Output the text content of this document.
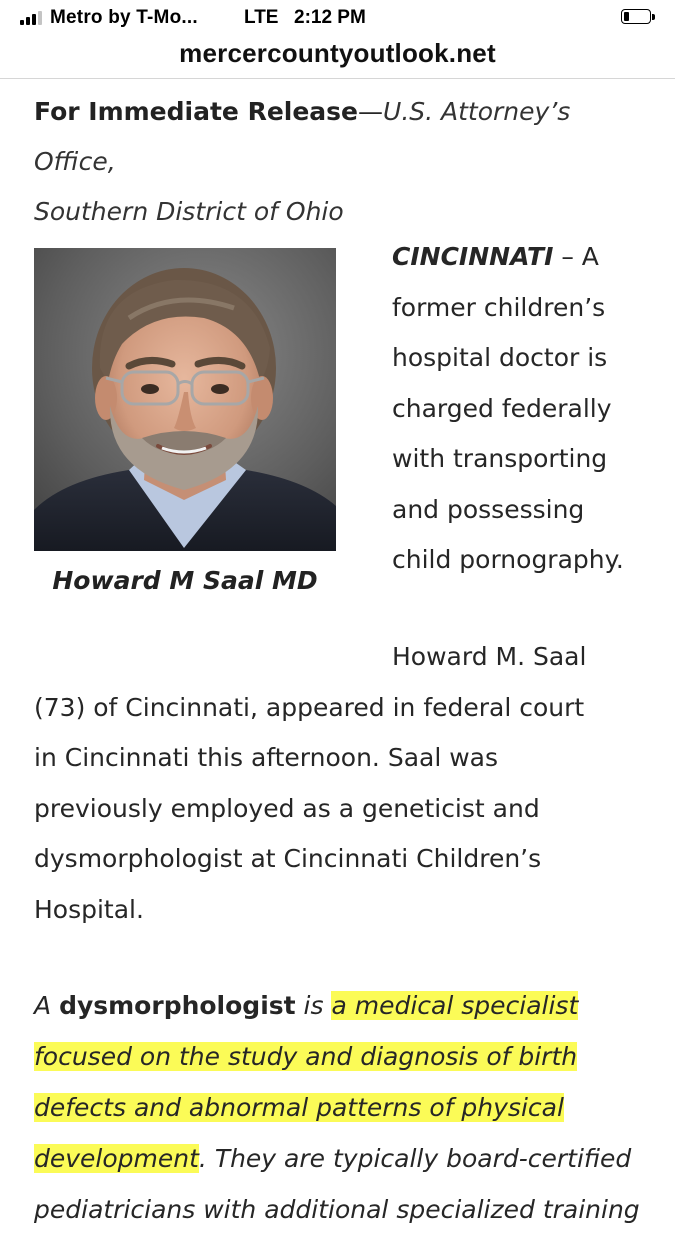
Metro by T-Mo... LTE 2:12 PM
mercercountyoutlook.net
For Immediate Release—U.S. Attorney’s Office,
Southern District of Ohio
Howard M Saal MD
CINCINNATI – A
former children’s
hospital doctor is
charged federally
with transporting
and possessing
child pornography.
Howard M. Saal
(73) of Cincinnati, appeared in federal court
in Cincinnati this afternoon. Saal was
previously employed as a geneticist and
dysmorphologist at Cincinnati Children’s
Hospital.
A dysmorphologist is a medical specialist
focused on the study and diagnosis of birth
defects and abnormal patterns of physical
development. They are typically board-certified
pediatricians with additional specialized training
